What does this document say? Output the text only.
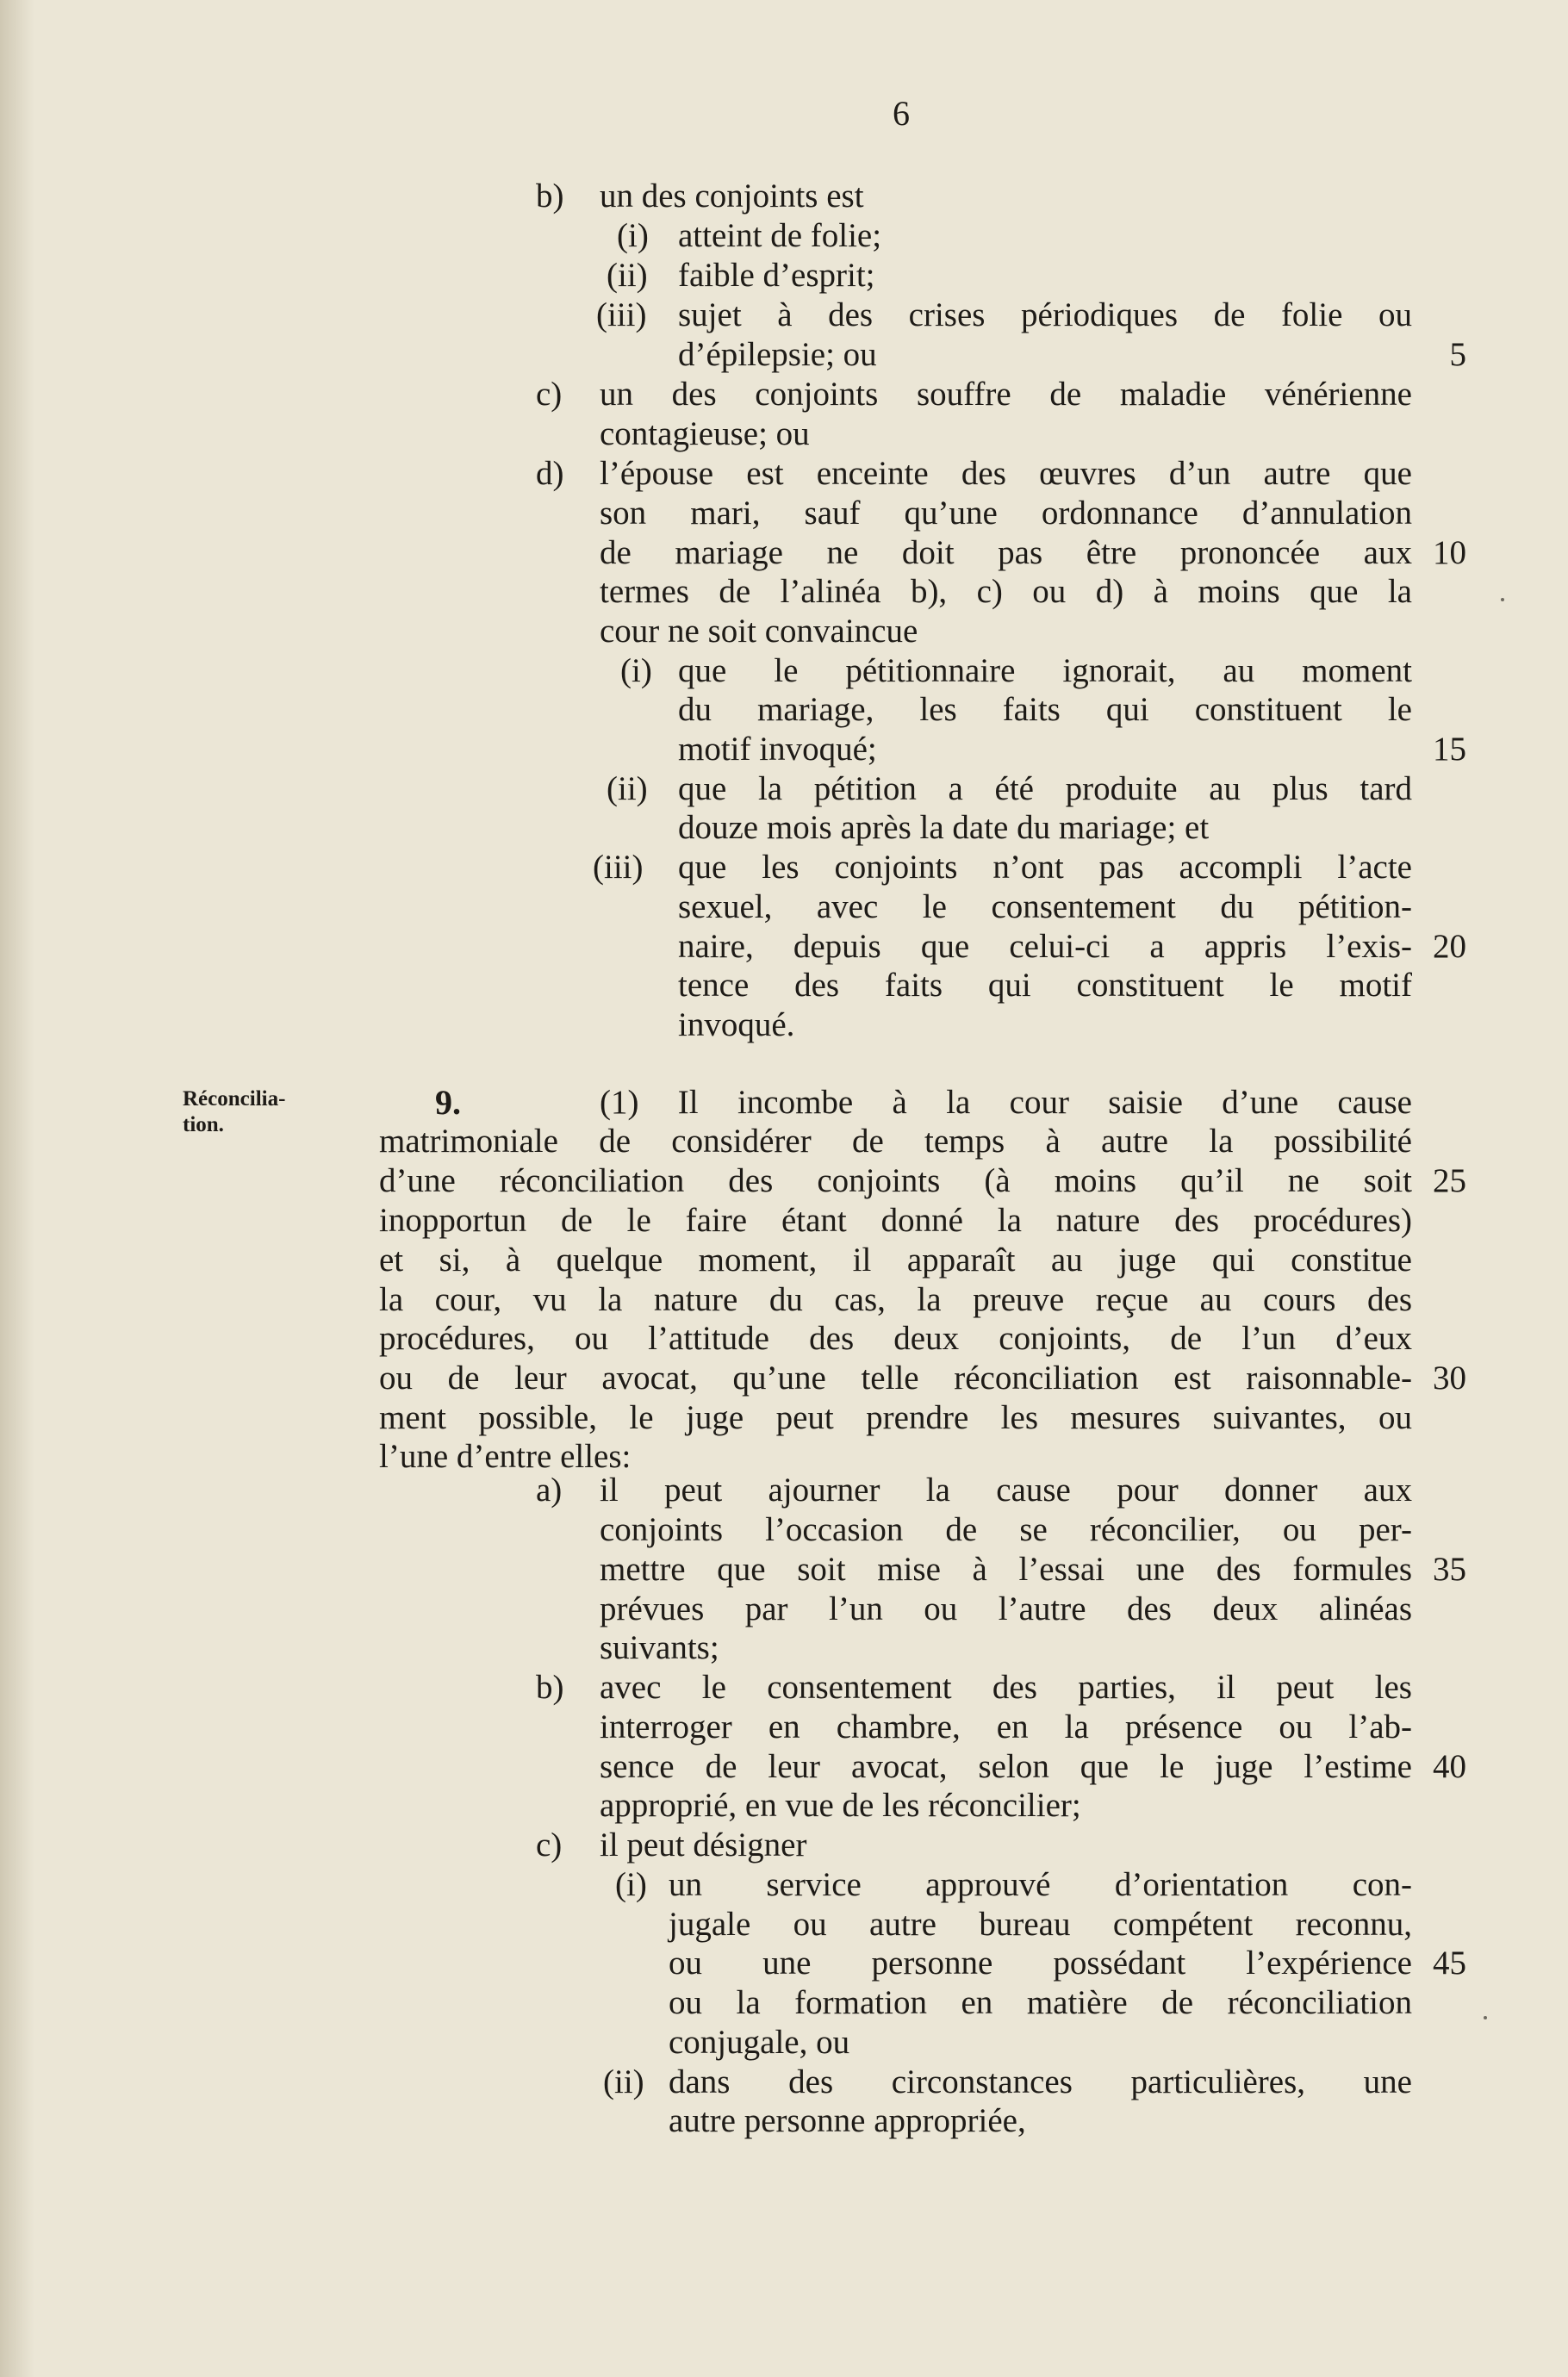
6
Réconcilia-
tion.
9.
b)
(i)
(ii)
(iii)
c)
d)
(i)
(ii)
(iii)
a)
b)
c)
(i)
(ii)
un des conjoints est
atteint de folie;
faible d’esprit;
sujet à des crises périodiques de folie ou
d’épilepsie; ou
un des conjoints souffre de maladie vénérienne
contagieuse; ou
l’épouse est enceinte des œuvres d’un autre que
son mari, sauf qu’une ordonnance d’annulation
de mariage ne doit pas être prononcée aux
termes de l’alinéa b), c) ou d) à moins que la
cour ne soit convaincue
que le pétitionnaire ignorait, au moment
du mariage, les faits qui constituent le
motif invoqué;
que la pétition a été produite au plus tard
douze mois après la date du mariage; et
que les conjoints n’ont pas accompli l’acte
sexuel, avec le consentement du pétition-
naire, depuis que celui-ci a appris l’exis-
tence des faits qui constituent le motif
invoqué.
(1) Il incombe à la cour saisie d’une cause
matrimoniale de considérer de temps à autre la possibilité
d’une réconciliation des conjoints (à moins qu’il ne soit
inopportun de le faire étant donné la nature des procédures)
et si, à quelque moment, il apparaît au juge qui constitue
la cour, vu la nature du cas, la preuve reçue au cours des
procédures, ou l’attitude des deux conjoints, de l’un d’eux
ou de leur avocat, qu’une telle réconciliation est raisonnable-
ment possible, le juge peut prendre les mesures suivantes, ou
l’une d’entre elles:
il peut ajourner la cause pour donner aux
conjoints l’occasion de se réconcilier, ou per-
mettre que soit mise à l’essai une des formules
prévues par l’un ou l’autre des deux alinéas
suivants;
avec le consentement des parties, il peut les
interroger en chambre, en la présence ou l’ab-
sence de leur avocat, selon que le juge l’estime
approprié, en vue de les réconcilier;
il peut désigner
un service approuvé d’orientation con-
jugale ou autre bureau compétent reconnu,
ou une personne possédant l’expérience
ou la formation en matière de réconciliation
conjugale, ou
dans des circonstances particulières, une
autre personne appropriée,
5
10
15
20
25
30
35
40
45
